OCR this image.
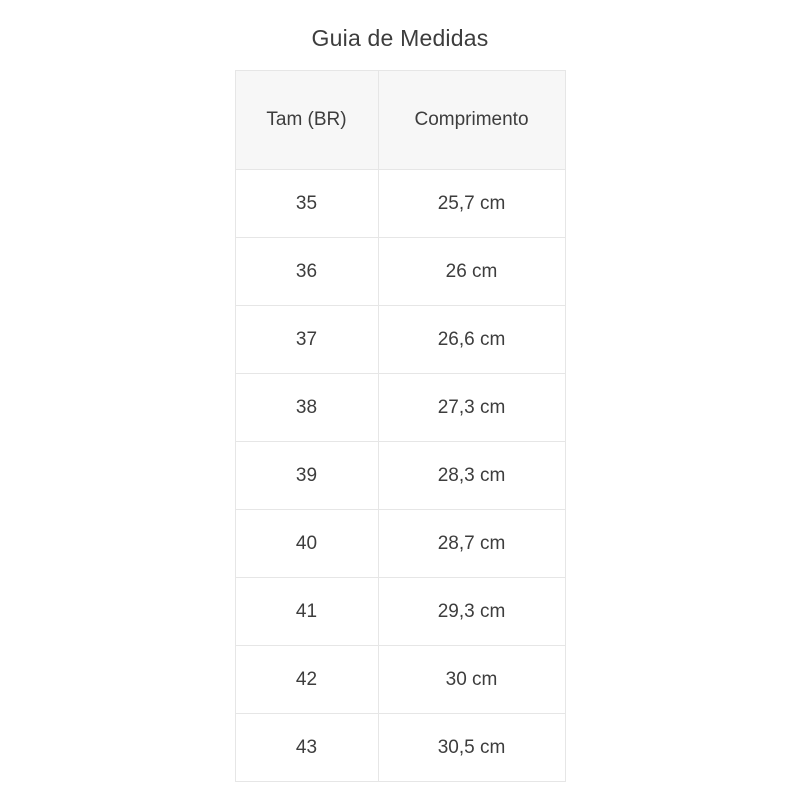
Guia de Medidas
Tam (BR)	Comprimento
35	25,7 cm
36	26 cm
37	26,6 cm
38	27,3 cm
39	28,3 cm
40	28,7 cm
41	29,3 cm
42	30 cm
43	30,5 cm
